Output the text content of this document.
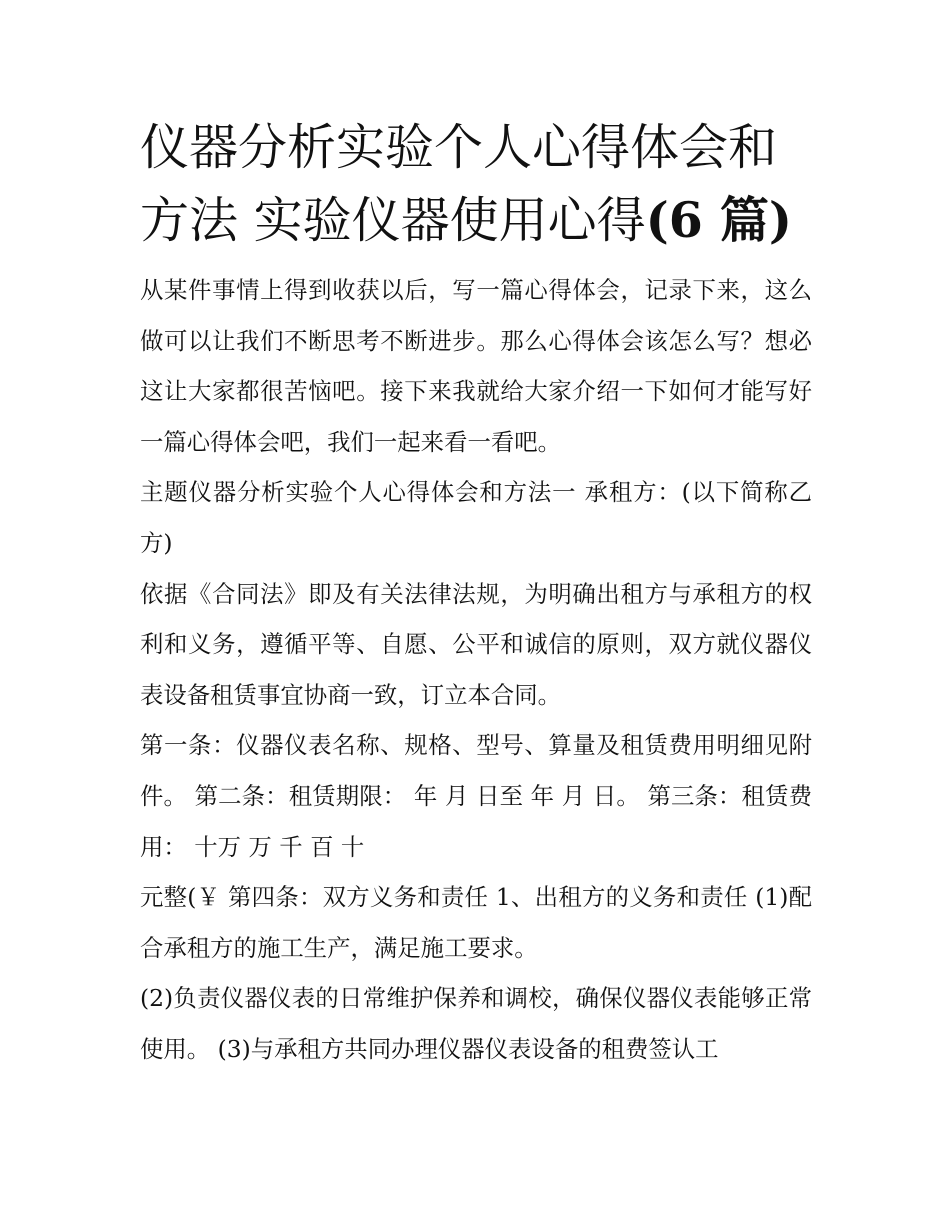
仪器分析实验个人心得体会和方法 实验仪器使用心得(6 篇)

从某件事情上得到收获以后，写一篇心得体会，记录下来，这么做可以让我们不断思考不断进步。那么心得体会该怎么写？想必这让大家都很苦恼吧。接下来我就给大家介绍一下如何才能写好一篇心得体会吧，我们一起来看一看吧。

主题仪器分析实验个人心得体会和方法一 承租方：(以下简称乙方)

依据《合同法》即及有关法律法规，为明确出租方与承租方的权利和义务，遵循平等、自愿、公平和诚信的原则，双方就仪器仪表设备租赁事宜协商一致，订立本合同。

第一条：仪器仪表名称、规格、型号、算量及租赁费用明细见附件。 第二条：租赁期限： 年 月 日至 年 月 日。 第三条：租赁费用： 十万 万 千 百 十

元整(￥ 第四条：双方义务和责任 1、出租方的义务和责任 (1)配合承租方的施工生产，满足施工要求。

(2)负责仪器仪表的日常维护保养和调校，确保仪器仪表能够正常使用。 (3)与承租方共同办理仪器仪表设备的租费签认工
